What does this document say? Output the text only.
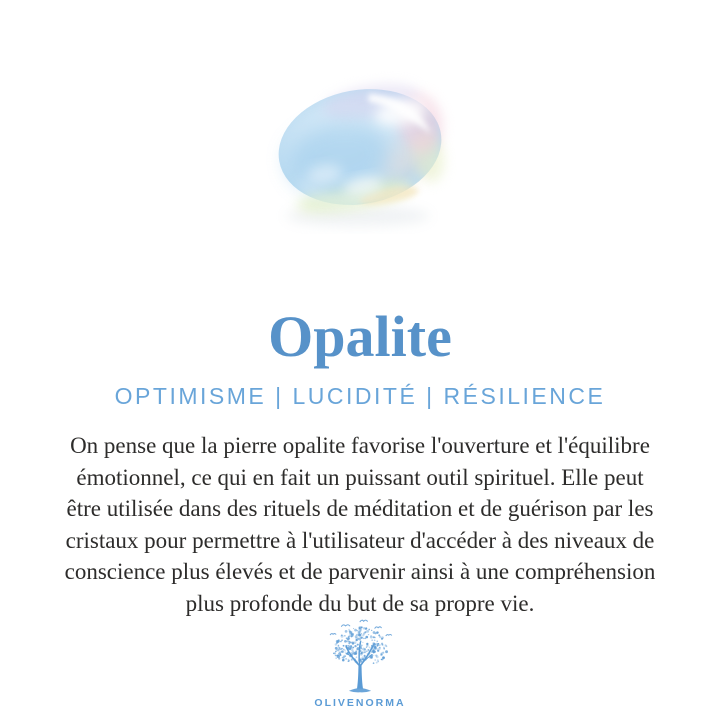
Opalite
OPTIMISME | LUCIDITÉ | RÉSILIENCE
On pense que la pierre opalite favorise l'ouverture et l'équilibre
émotionnel, ce qui en fait un puissant outil spirituel. Elle peut
être utilisée dans des rituels de méditation et de guérison par les
cristaux pour permettre à l'utilisateur d'accéder à des niveaux de
conscience plus élevés et de parvenir ainsi à une compréhension
plus profonde du but de sa propre vie.
OLIVENORMA
